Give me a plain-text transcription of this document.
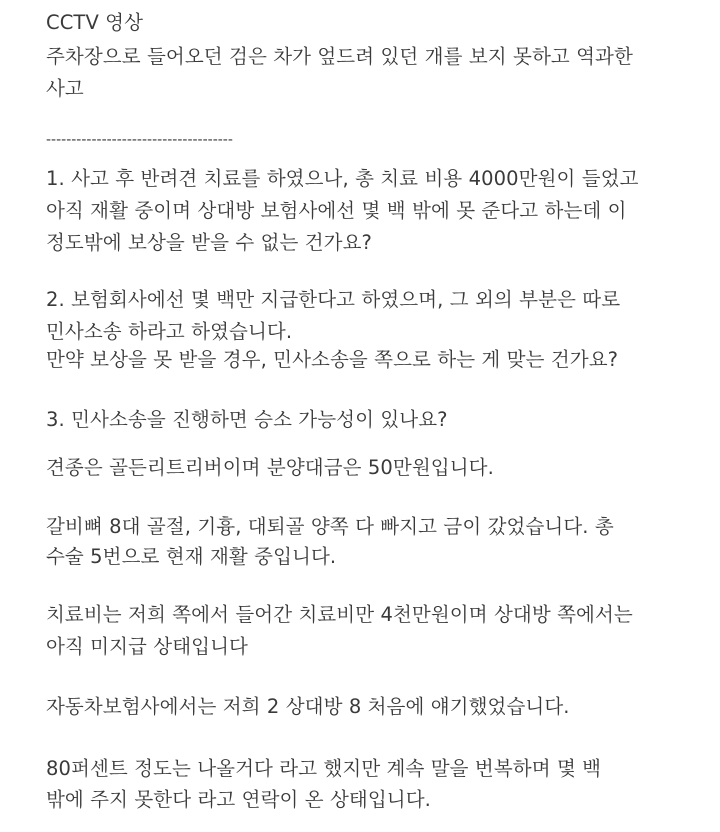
CCTV 영상
주차장으로 들어오던 검은 차가 엎드려 있던 개를 보지 못하고 역과한
사고
-------------------------------------
1. 사고 후 반려견 치료를 하였으나, 총 치료 비용 4000만원이 들었고
아직 재활 중이며 상대방 보험사에선 몇 백 밖에 못 준다고 하는데 이
정도밖에 보상을 받을 수 없는 건가요?
2. 보험회사에선 몇 백만 지급한다고 하였으며, 그 외의 부분은 따로
민사소송 하라고 하였습니다.
만약 보상을 못 받을 경우, 민사소송을 쪽으로 하는 게 맞는 건가요?
3. 민사소송을 진행하면 승소 가능성이 있나요?
견종은 골든리트리버이며 분양대금은 50만원입니다.
갈비뼈 8대 골절, 기흉, 대퇴골 양쪽 다 빠지고 금이 갔었습니다. 총
수술 5번으로 현재 재활 중입니다.
치료비는 저희 쪽에서 들어간 치료비만 4천만원이며 상대방 쪽에서는
아직 미지급 상태입니다
자동차보험사에서는 저희 2 상대방 8 처음에 얘기했었습니다.
80퍼센트 정도는 나올거다 라고 했지만 계속 말을 번복하며 몇 백
밖에 주지 못한다 라고 연락이 온 상태입니다.
